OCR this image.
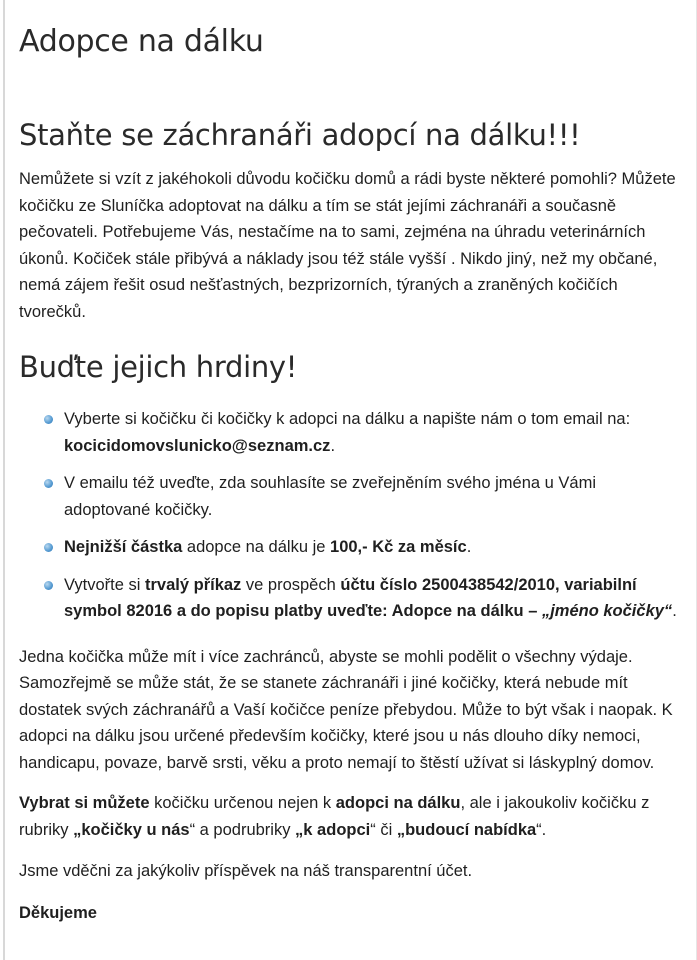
Adopce na dálku
Staňte se záchranáři adopcí na dálku!!!

Nemůžete si vzít z jakéhokoli důvodu kočičku domů a rádi byste některé pomohli? Můžete kočičku ze Sluníčka adoptovat na dálku a tím se stát jejími záchranáři a současně pečovateli. Potřebujeme Vás, nestačíme na to sami, zejména na úhradu veterinárních úkonů. Kočiček stále přibývá a náklady jsou též stále vyšší . Nikdo jiný, než my občané, nemá zájem řešit osud nešťastných, bezprizorních, týraných a zraněných kočičích tvorečků.

Buďte jejich hrdiny!
Vyberte si kočičku či kočičky k adopci na dálku a napište nám o tom email na: kocicidomovslunicko@seznam.cz.
V emailu též uveďte, zda souhlasíte se zveřejněním svého jména u Vámi adoptované kočičky.
Nejnižší částka adopce na dálku je 100,- Kč za měsíc.
Vytvořte si trvalý příkaz ve prospěch účtu číslo 2500438542/2010, variabilní symbol 82016 a do popisu platby uveďte: Adopce na dálku – „jméno kočičky“.

Jedna kočička může mít i více zachránců, abyste se mohli podělit o všechny výdaje. Samozřejmě se může stát, že se stanete záchranáři i jiné kočičky, která nebude mít dostatek svých záchranářů a Vaší kočičce peníze přebydou. Může to být však i naopak. K adopci na dálku jsou určené především kočičky, které jsou u nás dlouho díky nemoci, handicapu, povaze, barvě srsti, věku a proto nemají to štěstí užívat si láskyplný domov.

Vybrat si můžete kočičku určenou nejen k adopci na dálku, ale i jakoukoliv kočičku z rubriky „kočičky u nás“ a podrubriky „k adopci“ či „budoucí nabídka“.

Jsme vděčni za jakýkoliv příspěvek na náš transparentní účet.

Děkujeme
